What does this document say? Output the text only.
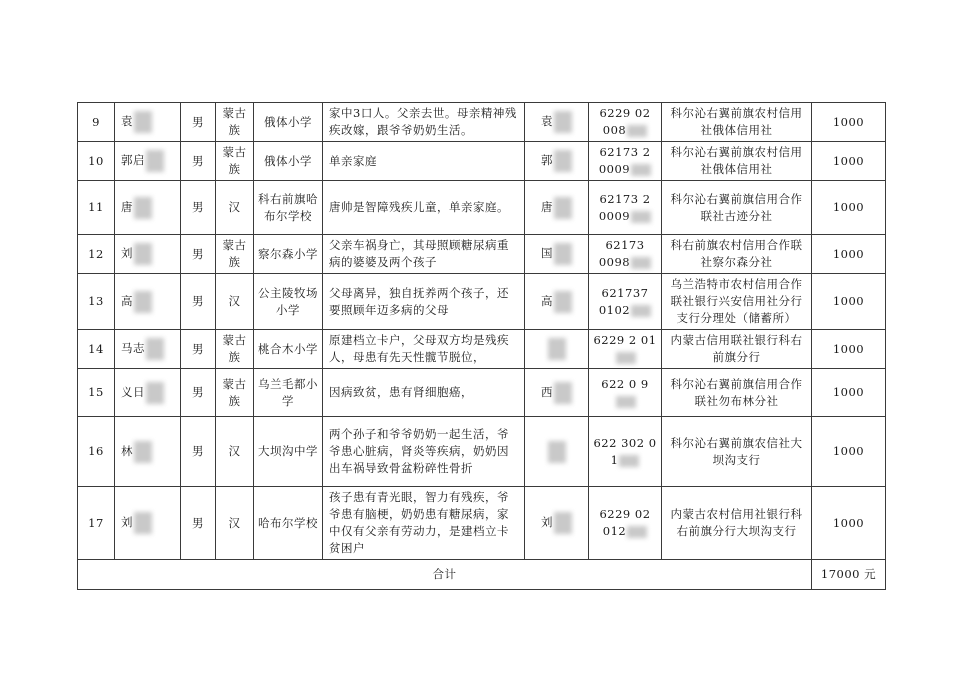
9	袁	男	蒙古族	俄体小学	家中3口人。父亲去世。母亲精神残疾改嫁，跟爷爷奶奶生活。	袁	6229 02 008	科尔沁右翼前旗农村信用社俄体信用社	1000
10	郭启	男	蒙古族	俄体小学	单亲家庭	郭	62173 2 0009	科尔沁右翼前旗农村信用社俄体信用社	1000
11	唐	男	汉	科右前旗哈布尔学校	唐帅是智障残疾儿童，单亲家庭。	唐	62173 2 0009	科尔沁右翼前旗信用合作联社古迹分社	1000
12	刘	男	蒙古族	察尔森小学	父亲车祸身亡，其母照顾糖尿病重病的婆婆及两个孩子	国	62173 0098	科右前旗农村信用合作联社察尔森分社	1000
13	高	男	汉	公主陵牧场小学	父母离异，独自抚养两个孩子，还要照顾年迈多病的父母	高	621737 0102	乌兰浩特市农村信用合作联社银行兴安信用社分行支行分理处（储蓄所）	1000
14	马志	男	蒙古族	桃合木小学	原建档立卡户，父母双方均是残疾人，母患有先天性髋节脱位，		6229 2 01	内蒙古信用联社银行科右前旗分行	1000
15	义日	男	蒙古族	乌兰毛都小学	因病致贫，患有肾细胞癌，	西	622 0 9	科尔沁右翼前旗信用合作联社勿布林分社	1000
16	林	男	汉	大坝沟中学	两个孙子和爷爷奶奶一起生活，爷爷患心脏病，肾炎等疾病，奶奶因出车祸导致骨盆粉碎性骨折		622 302 0 1	科尔沁右翼前旗农信社大坝沟支行	1000
17	刘	男	汉	哈布尔学校	孩子患有青光眼，智力有残疾，爷爷患有脑梗，奶奶患有糖尿病，家中仅有父亲有劳动力，是建档立卡贫困户	刘	6229 02 012	内蒙古农村信用社银行科右前旗分行大坝沟支行	1000
合计									17000 元
